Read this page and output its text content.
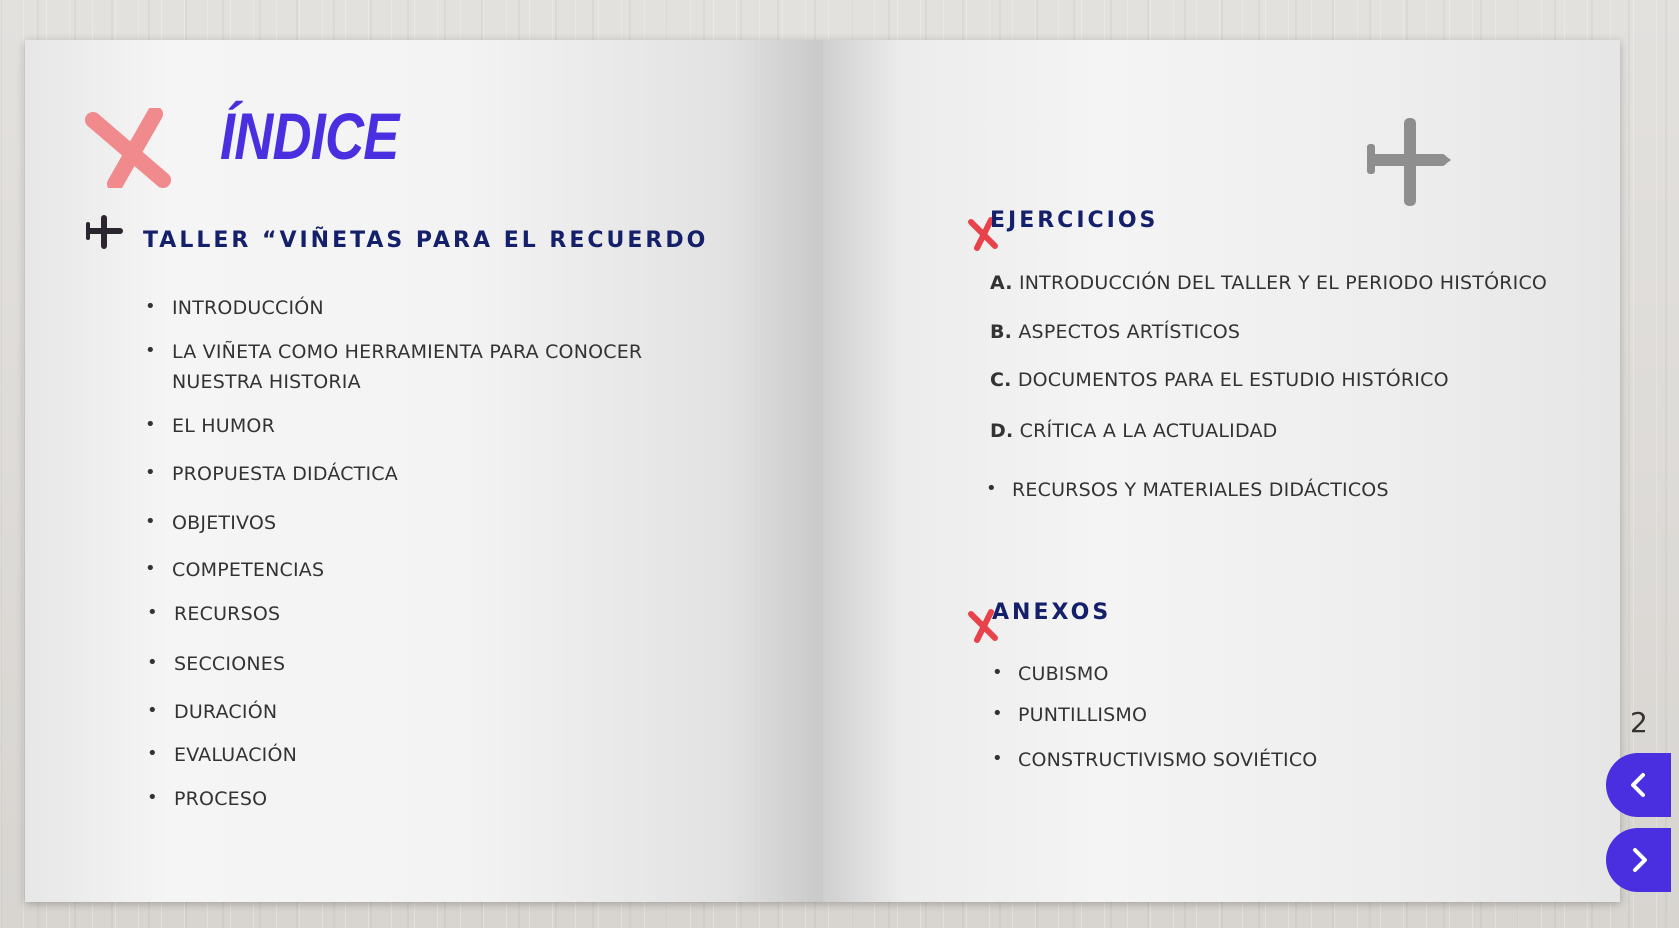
ÍNDICE
TALLER “VIÑETAS PARA EL RECUERDO
• INTRODUCCIÓN
• LA VIÑETA COMO HERRAMIENTA PARA CONOCER
NUESTRA HISTORIA
• EL HUMOR
• PROPUESTA DIDÁCTICA
• OBJETIVOS
• COMPETENCIAS
• RECURSOS
• SECCIONES
• DURACIÓN
• EVALUACIÓN
• PROCESO
EJERCICIOS
A. INTRODUCCIÓN DEL TALLER Y EL PERIODO HISTÓRICO
B. ASPECTOS ARTÍSTICOS
C. DOCUMENTOS PARA EL ESTUDIO HISTÓRICO
D. CRÍTICA A LA ACTUALIDAD
• RECURSOS Y MATERIALES DIDÁCTICOS
ANEXOS
• CUBISMO
• PUNTILLISMO
• CONSTRUCTIVISMO SOVIÉTICO
2
